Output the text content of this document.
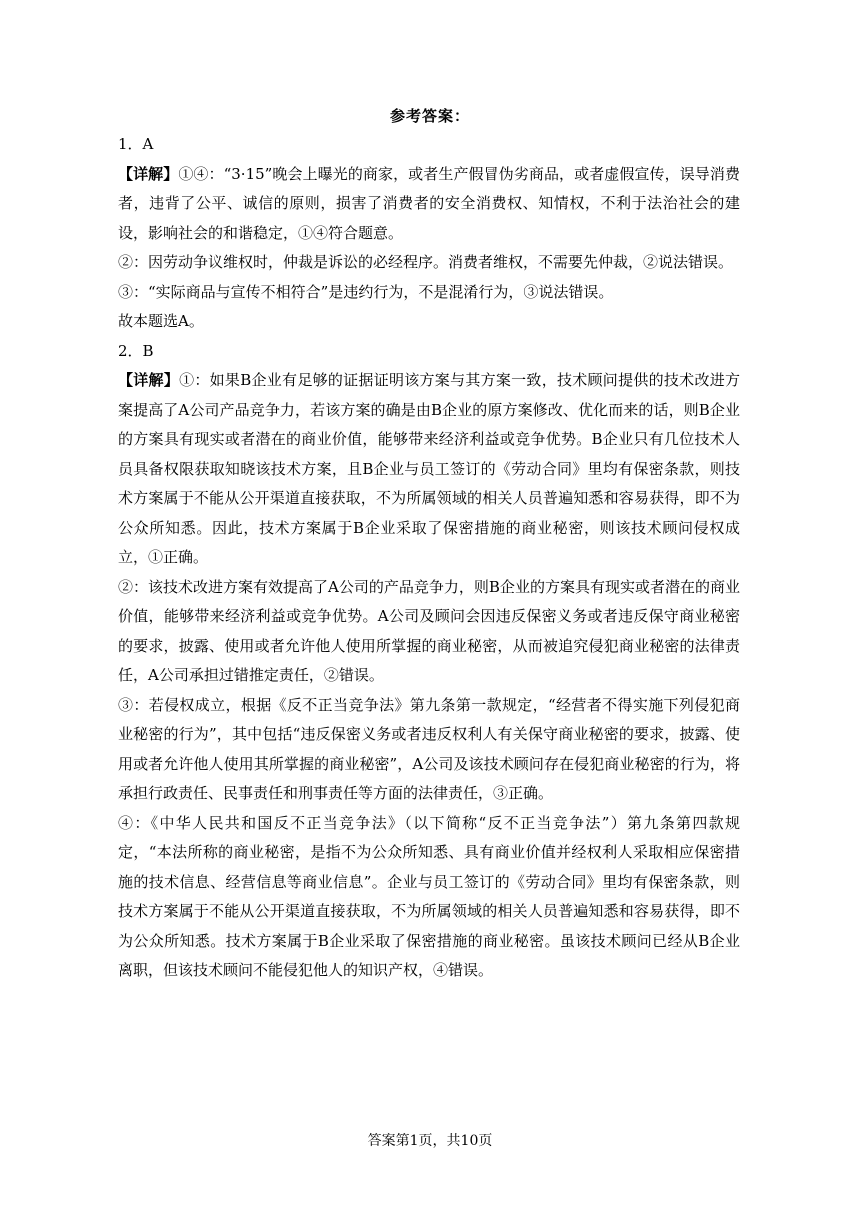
参考答案：

1．A

【详解】①④：“3·15”晚会上曝光的商家，或者生产假冒伪劣商品，或者虚假宣传，误导消费者，违背了公平、诚信的原则，损害了消费者的安全消费权、知情权，不利于法治社会的建设，影响社会的和谐稳定，①④符合题意。

②：因劳动争议维权时，仲裁是诉讼的必经程序。消费者维权，不需要先仲裁，②说法错误。

③：“实际商品与宣传不相符合”是违约行为，不是混淆行为，③说法错误。

故本题选A。

2．B

【详解】①：如果B企业有足够的证据证明该方案与其方案一致，技术顾问提供的技术改进方案提高了A公司产品竞争力，若该方案的确是由B企业的原方案修改、优化而来的话，则B企业的方案具有现实或者潜在的商业价值，能够带来经济利益或竞争优势。B企业只有几位技术人员具备权限获取知晓该技术方案，且B企业与员工签订的《劳动合同》里均有保密条款，则技术方案属于不能从公开渠道直接获取，不为所属领域的相关人员普遍知悉和容易获得，即不为公众所知悉。因此，技术方案属于B企业采取了保密措施的商业秘密，则该技术顾问侵权成立，①正确。

②：该技术改进方案有效提高了A公司的产品竞争力，则B企业的方案具有现实或者潜在的商业价值，能够带来经济利益或竞争优势。A公司及顾问会因违反保密义务或者违反保守商业秘密的要求，披露、使用或者允许他人使用所掌握的商业秘密，从而被追究侵犯商业秘密的法律责任，A公司承担过错推定责任，②错误。

③：若侵权成立，根据《反不正当竞争法》第九条第一款规定，“经营者不得实施下列侵犯商业秘密的行为”，其中包括“违反保密义务或者违反权利人有关保守商业秘密的要求，披露、使用或者允许他人使用其所掌握的商业秘密”，A公司及该技术顾问存在侵犯商业秘密的行为，将承担行政责任、民事责任和刑事责任等方面的法律责任，③正确。

④：《中华人民共和国反不正当竞争法》（以下简称“反不正当竞争法”）第九条第四款规定，“本法所称的商业秘密，是指不为公众所知悉、具有商业价值并经权利人采取相应保密措施的技术信息、经营信息等商业信息”。企业与员工签订的《劳动合同》里均有保密条款，则技术方案属于不能从公开渠道直接获取，不为所属领域的相关人员普遍知悉和容易获得，即不为公众所知悉。技术方案属于B企业采取了保密措施的商业秘密。虽该技术顾问已经从B企业离职，但该技术顾问不能侵犯他人的知识产权，④错误。

答案第1页，共10页
